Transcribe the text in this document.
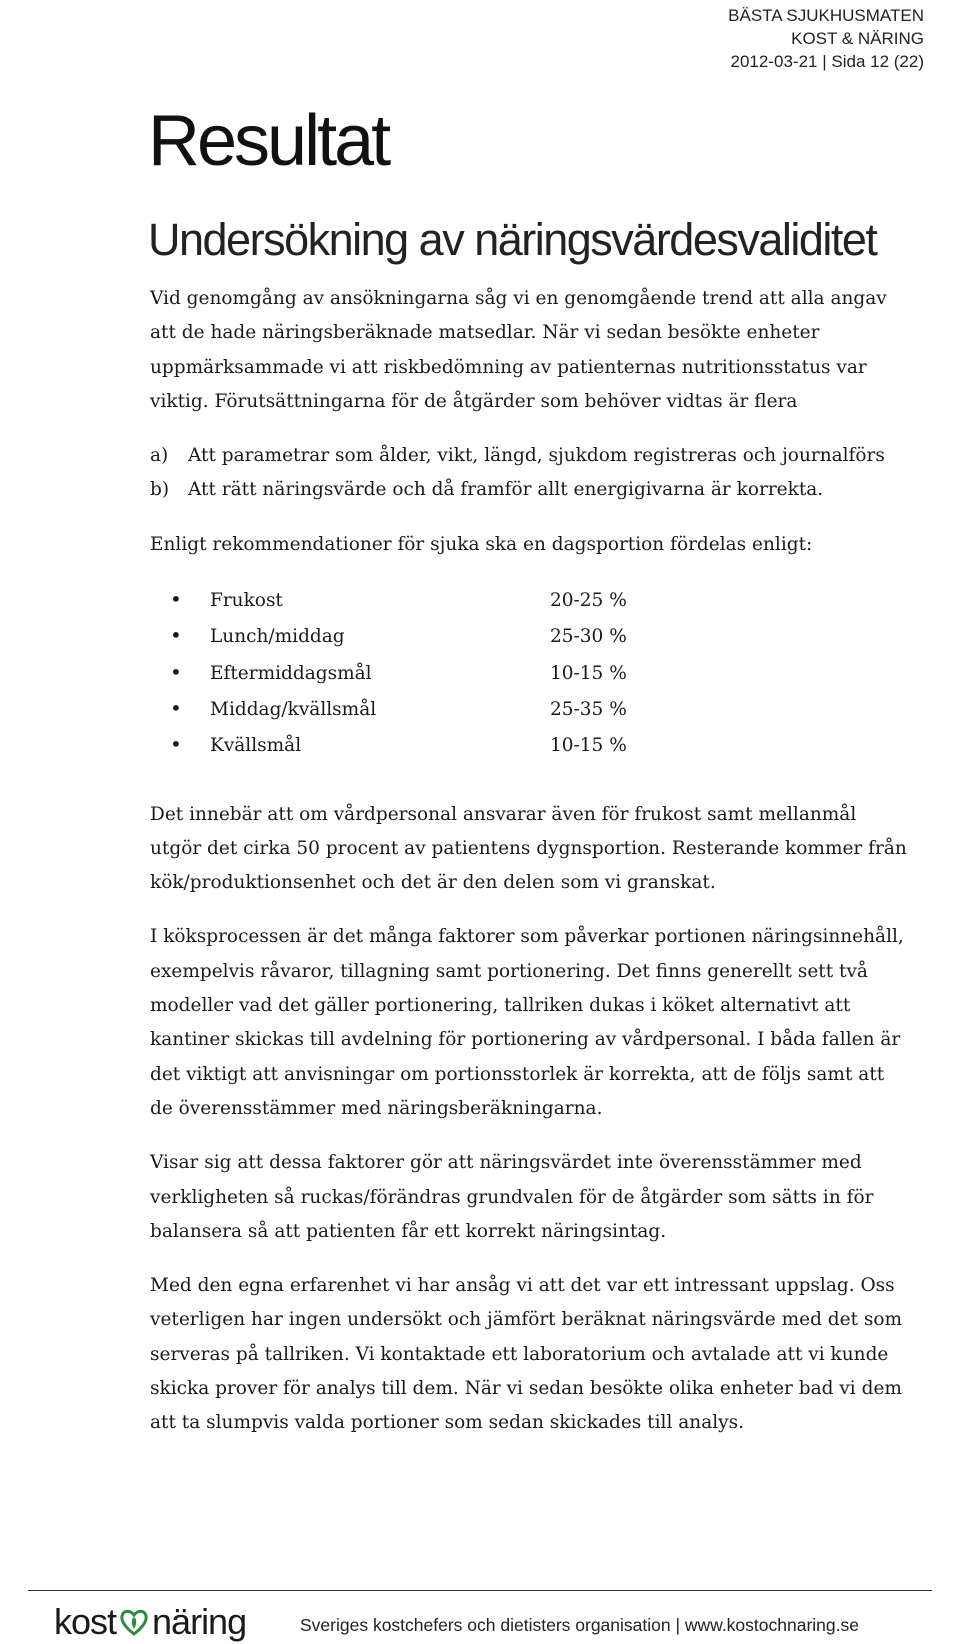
BÄSTA SJUKHUSMATEN
KOST & NÄRING
2012-03-21 | Sida 12 (22)
Resultat
Undersökning av näringsvärdesvaliditet

Vid genomgång av ansökningarna såg vi en genomgående trend att alla angav

att de hade näringsberäknade matsedlar. När vi sedan besökte enheter

uppmärksammade vi att riskbedömning av patienternas nutritionsstatus var

viktig. Förutsättningarna för de åtgärder som behöver vidtas är flera

a)	Att parametrar som ålder, vikt, längd, sjukdom registreras och journalförs
b)	Att rätt näringsvärde och då framför allt energigivarna är korrekta.

Enligt rekommendationer för sjuka ska en dagsportion fördelas enligt:

•	Frukost	20-25 %
•	Lunch/middag	25-30 %
•	Eftermiddagsmål	10-15 %
•	Middag/kvällsmål	25-35 %
•	Kvällsmål	10-15 %

Det innebär att om vårdpersonal ansvarar även för frukost samt mellanmål

utgör det cirka 50 procent av patientens dygnsportion. Resterande kommer från

kök/produktionsenhet och det är den delen som vi granskat.

I köksprocessen är det många faktorer som påverkar portionen näringsinnehåll,

exempelvis råvaror, tillagning samt portionering. Det finns generellt sett två

modeller vad det gäller portionering, tallriken dukas i köket alternativt att

kantiner skickas till avdelning för portionering av vårdpersonal. I båda fallen är

det viktigt att anvisningar om portionsstorlek är korrekta, att de följs samt att

de överensstämmer med näringsberäkningarna.

Visar sig att dessa faktorer gör att näringsvärdet inte överensstämmer med

verkligheten så ruckas/förändras grundvalen för de åtgärder som sätts in för

balansera så att patienten får ett korrekt näringsintag.

Med den egna erfarenhet vi har ansåg vi att det var ett intressant uppslag. Oss

veterligen har ingen undersökt och jämfört beräknat näringsvärde med det som

serveras på tallriken. Vi kontaktade ett laboratorium och avtalade att vi kunde

skicka prover för analys till dem. När vi sedan besökte olika enheter bad vi dem

att ta slumpvis valda portioner som sedan skickades till analys.

kost näring	Sveriges kostchefers och dietisters organisation | www.kostochnaring.se
